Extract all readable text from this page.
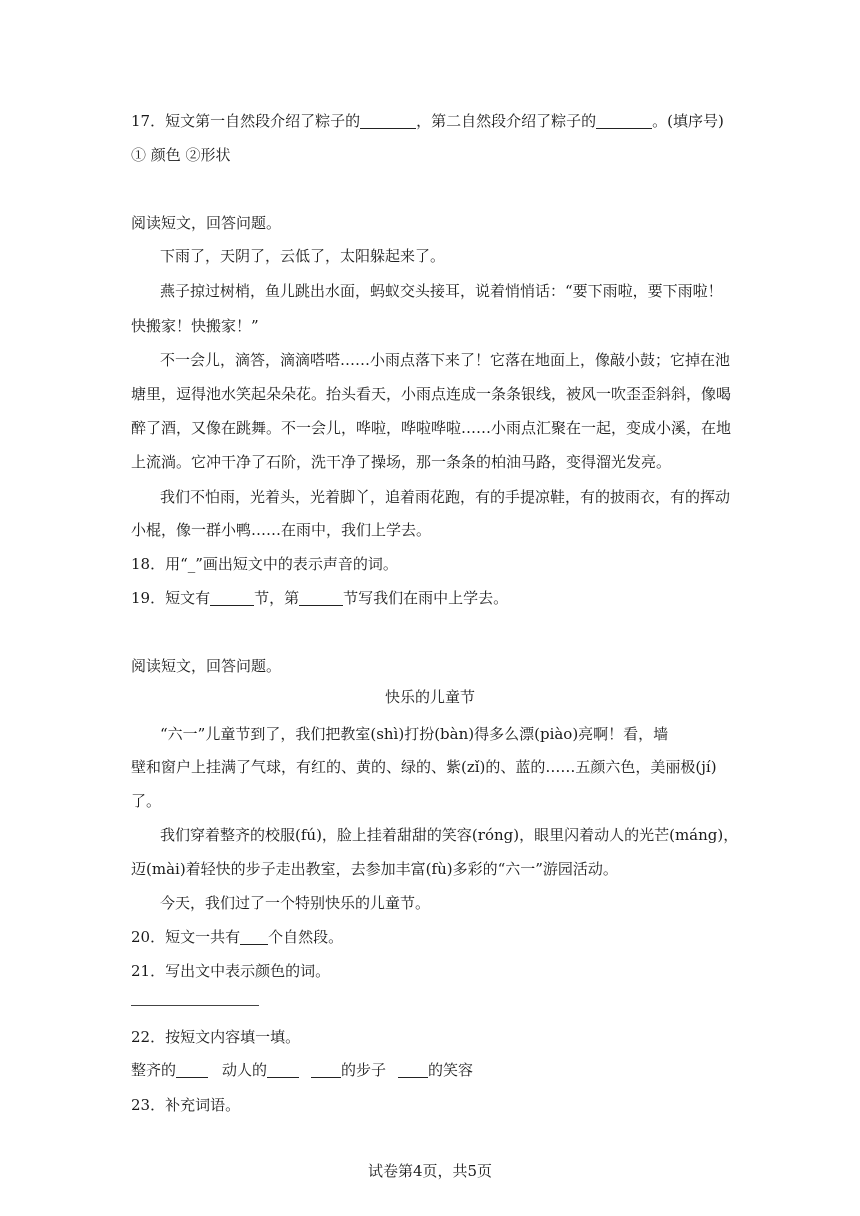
17．短文第一自然段介绍了粽子的	，第二自然段介绍了粽子的	。(填序号)
① 颜色 ②形状
阅读短文，回答问题。
下雨了，天阴了，云低了，太阳躲起来了。
燕子掠过树梢，鱼儿跳出水面，蚂蚁交头接耳，说着悄悄话：“要下雨啦，要下雨啦！
快搬家！快搬家！”
不一会儿，滴答，滴滴嗒嗒……小雨点落下来了！它落在地面上，像敲小鼓；它掉在池
塘里，逗得池水笑起朵朵花。抬头看天，小雨点连成一条条银线，被风一吹歪歪斜斜，像喝
醉了酒，又像在跳舞。不一会儿，哗啦，哗啦哗啦……小雨点汇聚在一起，变成小溪，在地
上流淌。它冲干净了石阶，洗干净了操场，那一条条的柏油马路，变得溜光发亮。
我们不怕雨，光着头，光着脚丫，追着雨花跑，有的手提凉鞋，有的披雨衣，有的挥动
小棍，像一群小鸭……在雨中，我们上学去。
18．用“_”画出短文中的表示声音的词。
19．短文有	节，第	节写我们在雨中上学去。
阅读短文，回答问题。
快乐的儿童节
“六一”儿童节到了，我们把教室(shì)打扮(bàn)得多么漂(piào)亮啊！看，墙
壁和窗户上挂满了气球，有红的、黄的、绿的、紫(zǐ)的、蓝的……五颜六色，美丽极(jí)
了。
我们穿着整齐的校服(fú)，脸上挂着甜甜的笑容(róng)，眼里闪着动人的光芒(máng)，
迈(mài)着轻快的步子走出教室，去参加丰富(fù)多彩的“六一”游园活动。
今天，我们过了一个特别快乐的儿童节。
20．短文一共有 个自然段。
21．写出文中表示颜色的词。
22．按短文内容填一填。
整齐的	动人的	的步子	的笑容
23．补充词语。
试卷第4页，共5页
